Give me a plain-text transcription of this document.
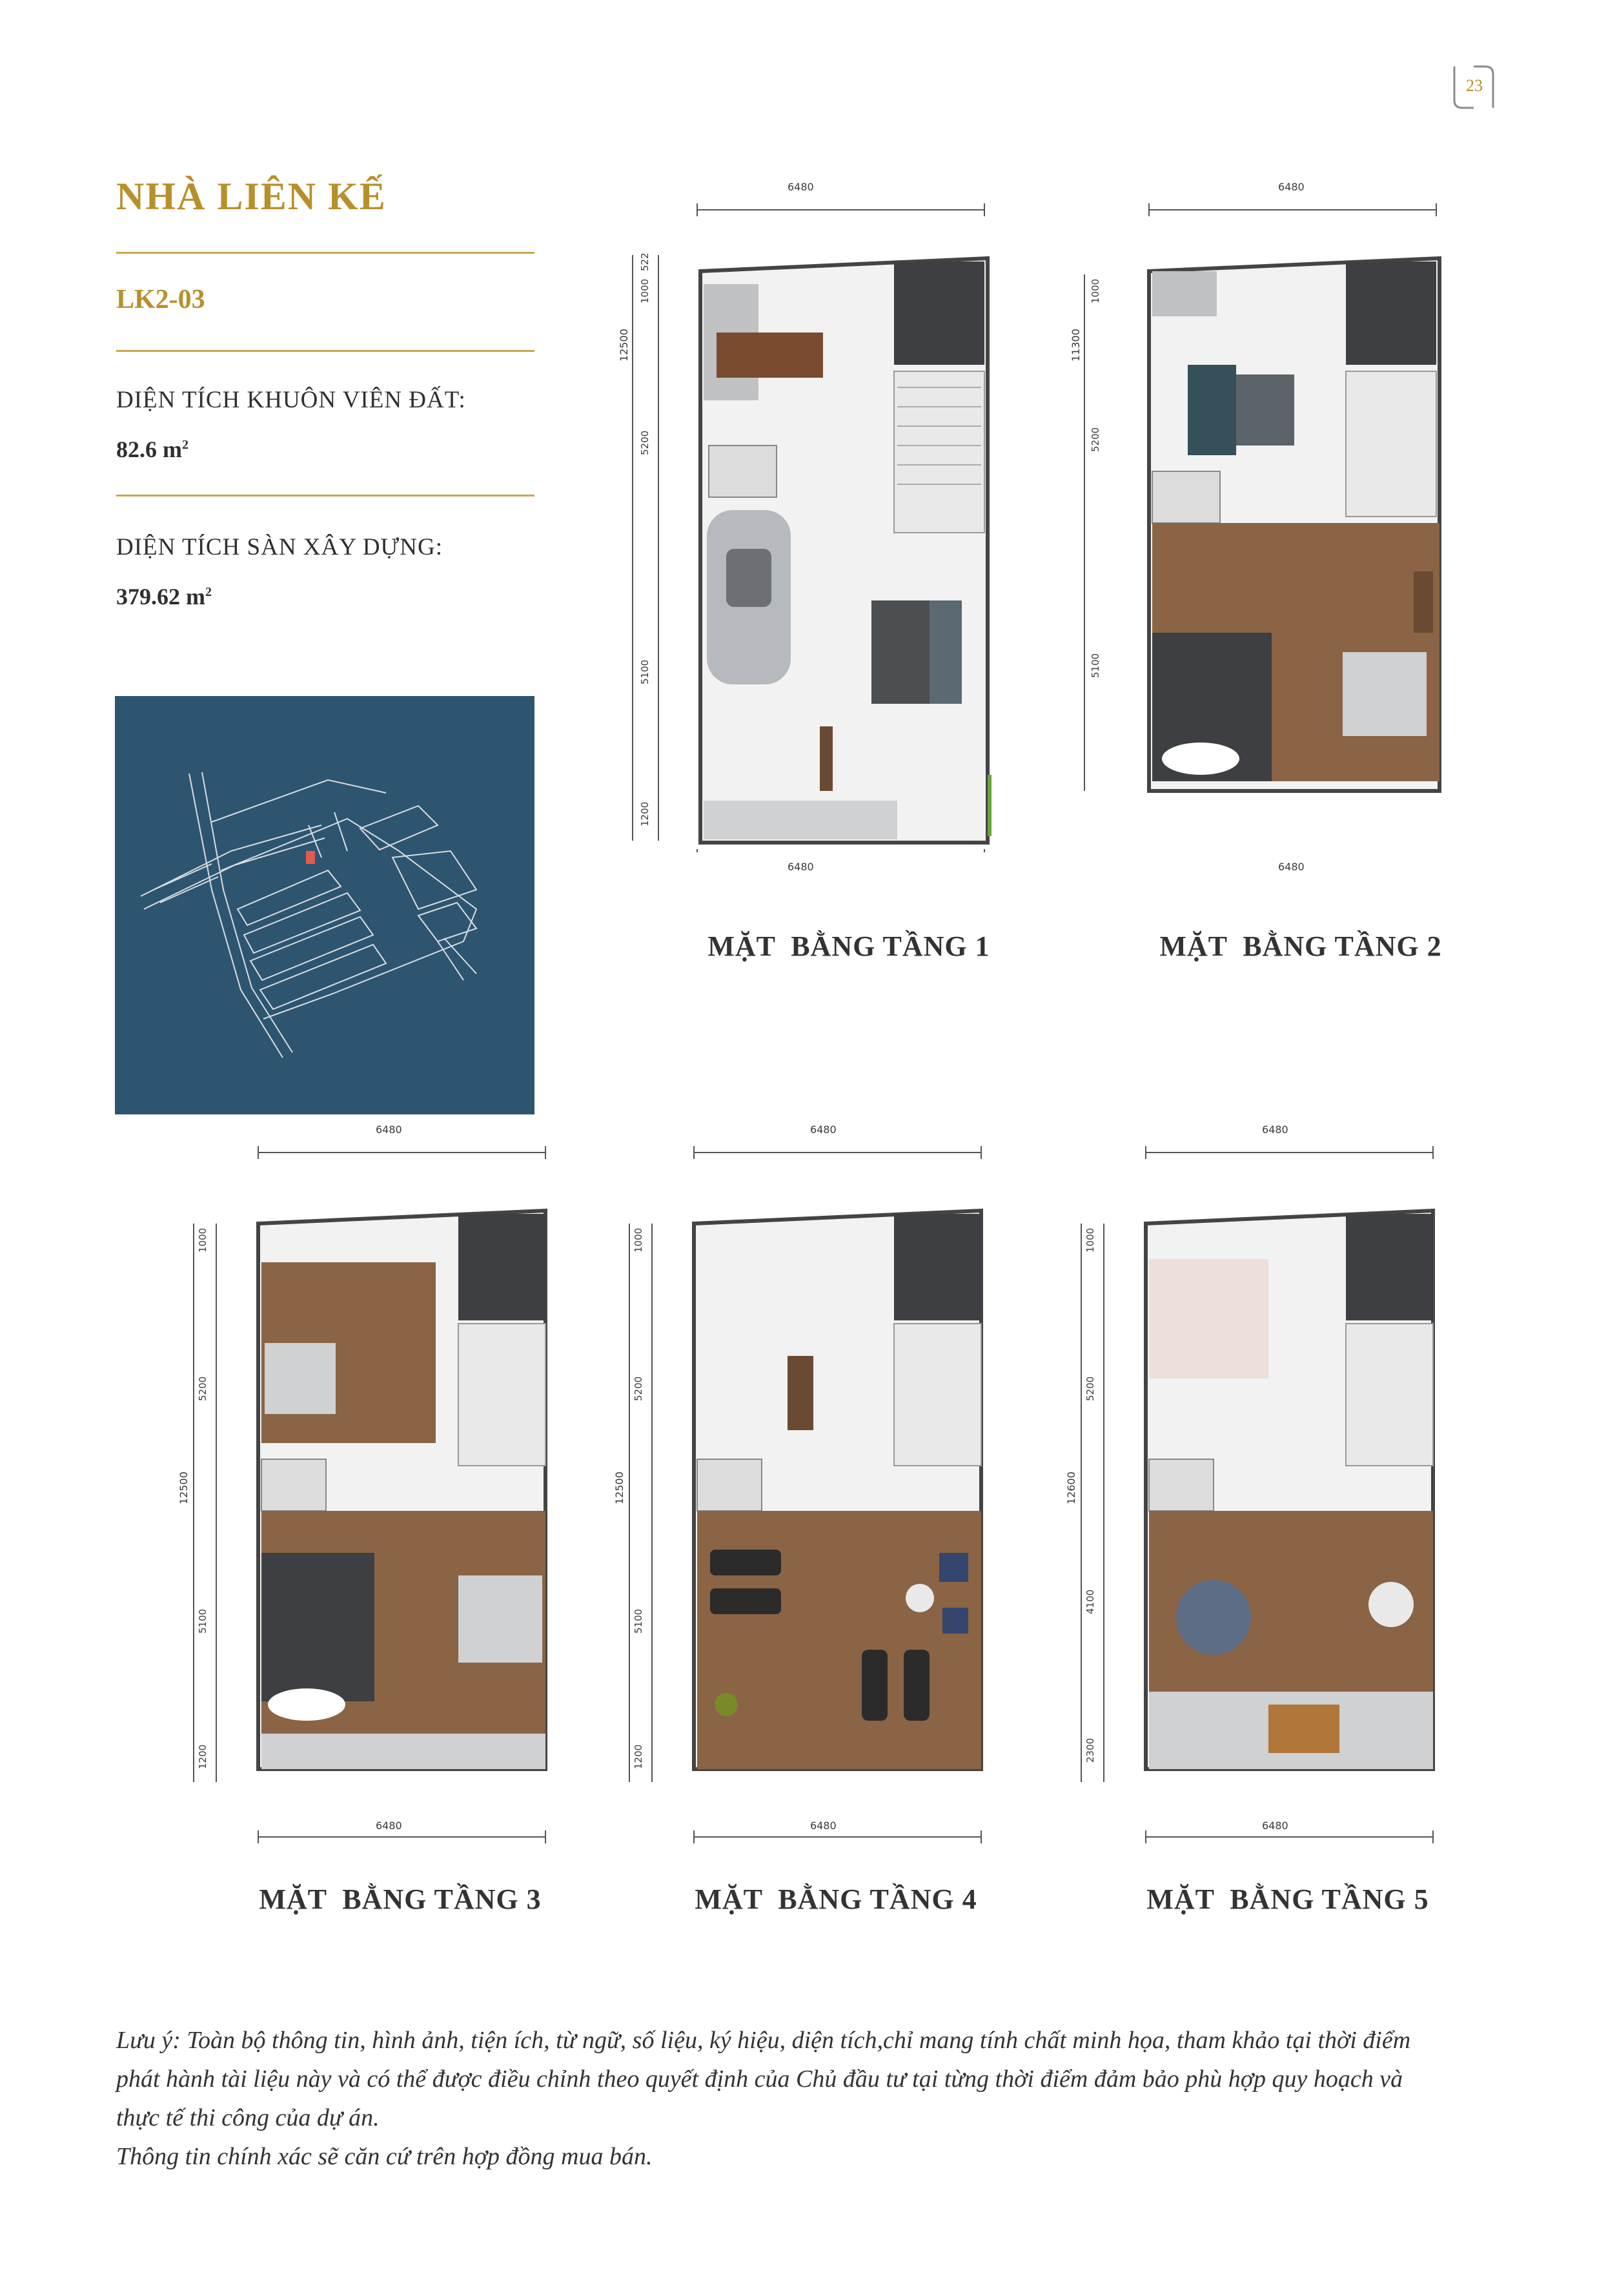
23
NHÀ LIÊN KẾ
LK2-03
DIỆN TÍCH KHUÔN VIÊN ĐẤT:
82.6 $m^2$
DIỆN TÍCH SÀN XÂY DỰNG:
379.62 $m^2$
6480
6480
MẶT  BẰNG TẦNG 1
6480
6480
MẶT  BẰNG TẦNG 2
6480
6480
MẶT  BẰNG TẦNG 3
6480
6480
MẶT  BẰNG TẦNG 4
6480
6480
MẶT  BẰNG TẦNG 5
12500	11300
12500	12500	12600
522
1000
5200
5100
1200
1000
5200
5100
1000
5200
5100
1200
1000
5200
5100
1200
1000
5200
4100
2300

Lưu ý: Toàn bộ thông tin, hình ảnh, tiện ích, từ ngữ, số liệu, ký hiệu, diện tích,chỉ mang tính chất minh họa, tham khảo tại thời điểm

phát hành tài liệu này và có thể được điều chỉnh theo quyết định của Chủ đầu tư tại từng thời điểm đảm bảo phù hợp quy hoạch và

thực tế thi công của dự án.

Thông tin chính xác sẽ căn cứ trên hợp đồng mua bán.
